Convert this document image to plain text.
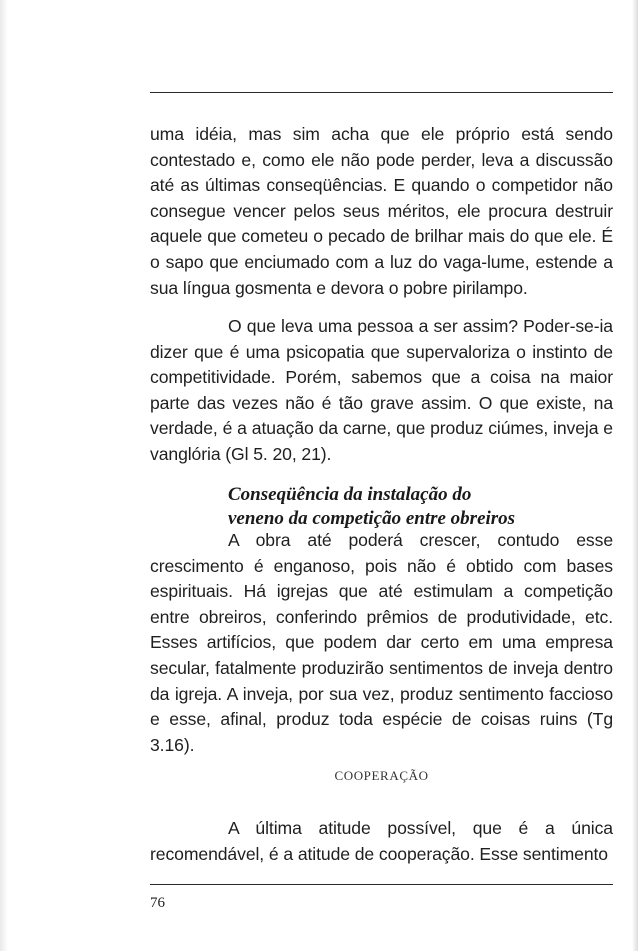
uma idéia, mas sim acha que ele próprio está sendo contestado e, como ele não pode perder, leva a discussão até as últimas conseqüências. E quando o competidor não consegue vencer pelos seus méritos, ele procura destruir aquele que cometeu o pecado de brilhar mais do que ele. É o sapo que enciumado com a luz do vaga-lume, estende a sua língua gosmenta e devora o pobre pirilampo.

O que leva uma pessoa a ser assim? Poder-se-ia dizer que é uma psicopatia que supervaloriza o instinto de competitividade. Porém, sabemos que a coisa na maior parte das vezes não é tão grave assim. O que existe, na verdade, é a atuação da carne, que produz ciúmes, inveja e vanglória (Gl 5. 20, 21).

Conseqüência da instalação do
veneno da competição entre obreiros

A obra até poderá crescer, contudo esse crescimento é enganoso, pois não é obtido com bases espirituais. Há igrejas que até estimulam a competição entre obreiros, conferindo prêmios de produtividade, etc. Esses artifícios, que podem dar certo em uma empresa secular, fatalmente produzirão sentimentos de inveja dentro da igreja. A inveja, por sua vez, produz sentimento faccioso e esse, afinal, produz toda espécie de coisas ruins (Tg 3.16).

COOPERAÇÃO

A última atitude possível, que é a única recomendável, é a atitude de cooperação. Esse sentimento

76
